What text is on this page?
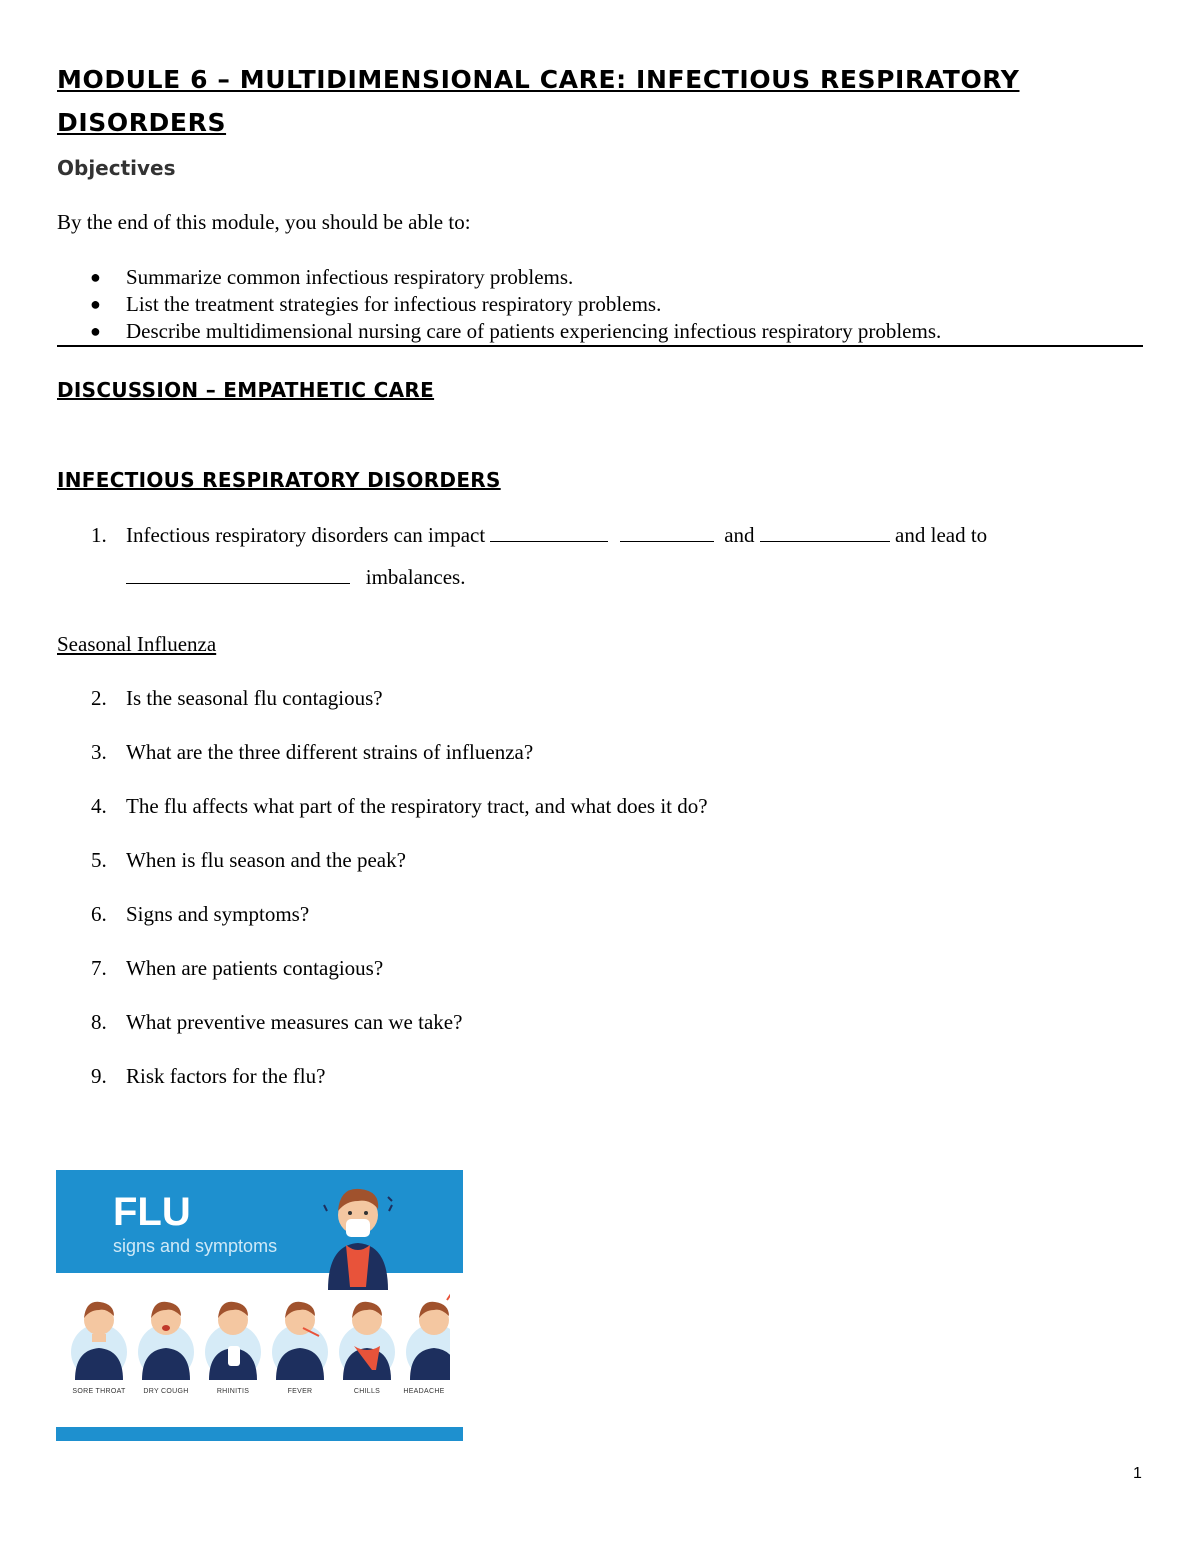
MODULE 6 – MULTIDIMENSIONAL CARE: INFECTIOUS RESPIRATORY
DISORDERS
Objectives
By the end of this module, you should be able to:
● Summarize common infectious respiratory problems.
● List the treatment strategies for infectious respiratory problems.
● Describe multidimensional nursing care of patients experiencing infectious respiratory problems.
DISCUSSION – EMPATHETIC CARE
INFECTIOUS RESPIRATORY DISORDERS
1. Infectious respiratory disorders can impact	and	and lead to
imbalances.
Seasonal Influenza
2. Is the seasonal flu contagious?
3. What are the three different strains of influenza?
4. The flu affects what part of the respiratory tract, and what does it do?
5. When is flu season and the peak?
6. Signs and symptoms?
7. When are patients contagious?
8. What preventive measures can we take?
9. Risk factors for the flu?
FLU
signs and symptoms
SORE THROAT	DRY COUGH	RHINITIS	FEVER	CHILLS	HEADACHE
1
